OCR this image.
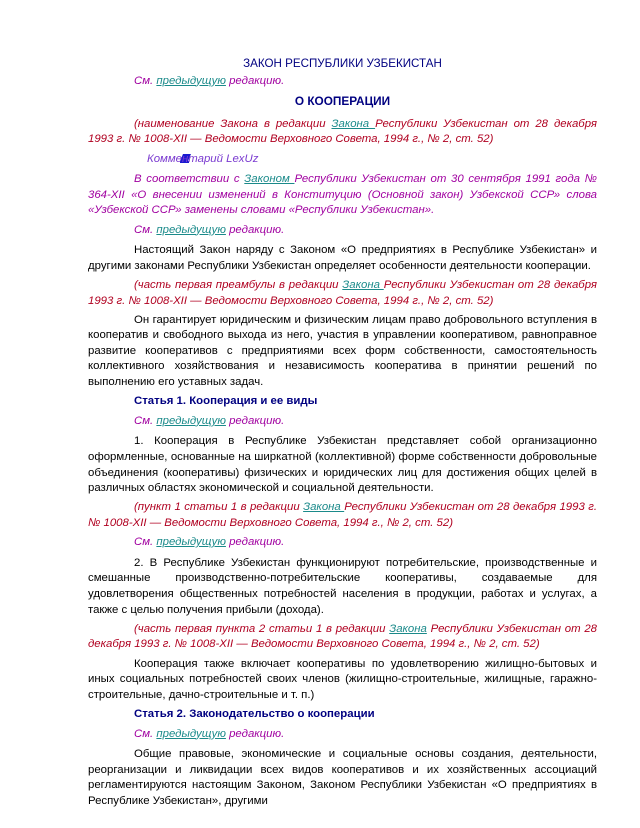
ЗАКОН РЕСПУБЛИКИ УЗБЕКИСТАН
См. предыдущую редакцию.
О КООПЕРАЦИИ
(наименование Закона в редакции Закона Республики Узбекистан от 28 декабря 1993 г. № 1008-XII — Ведомости Верховного Совета, 1994 г., № 2, ст. 52)
Комментарий LexUz
В соответствии с Законом Республики Узбекистан от 30 сентября 1991 года № 364-XII «О внесении изменений в Конституцию (Основной закон) Узбекской ССР» слова «Узбекской ССР» заменены словами «Республики Узбекистан».
См. предыдущую редакцию.
Настоящий Закон наряду с Законом «О предприятиях в Республике Узбекистан» и другими законами Республики Узбекистан определяет особенности деятельности кооперации.
(часть первая преамбулы в редакции Закона Республики Узбекистан от 28 декабря 1993 г. № 1008-XII — Ведомости Верховного Совета, 1994 г., № 2, ст. 52)
Он гарантирует юридическим и физическим лицам право добровольного вступления в кооператив и свободного выхода из него, участия в управлении кооперативом, равноправное развитие кооперативов с предприятиями всех форм собственности, самостоятельность коллективного хозяйствования и независимость кооператива в принятии решений по выполнению его уставных задач.
Статья 1. Кооперация и ее виды
См. предыдущую редакцию.
1. Кооперация в Республике Узбекистан представляет собой организационно оформленные, основанные на ширкатной (коллективной) форме собственности добровольные объединения (кооперативы) физических и юридических лиц для достижения общих целей в различных областях экономической и социальной деятельности.
(пункт 1 статьи 1 в редакции Закона Республики Узбекистан от 28 декабря 1993 г. № 1008-XII — Ведомости Верховного Совета, 1994 г., № 2, ст. 52)
См. предыдущую редакцию.
2. В Республике Узбекистан функционируют потребительские, производственные и смешанные производственно-потребительские кооперативы, создаваемые для удовлетворения общественных потребностей населения в продукции, работах и услугах, а также с целью получения прибыли (дохода).
(часть первая пункта 2 статьи 1 в редакции Закона Республики Узбекистан от 28 декабря 1993 г. № 1008-XII — Ведомости Верховного Совета, 1994 г., № 2, ст. 52)
Кооперация также включает кооперативы по удовлетворению жилищно-бытовых и иных социальных потребностей своих членов (жилищно-строительные, жилищные, гаражно-строительные, дачно-строительные и т. п.)
Статья 2. Законодательство о кооперации
См. предыдущую редакцию.
Общие правовые, экономические и социальные основы создания, деятельности, реорганизации и ликвидации всех видов кооперативов и их хозяйственных ассоциаций регламентируются настоящим Законом, Законом Республики Узбекистан «О предприятиях в Республике Узбекистан», другими
